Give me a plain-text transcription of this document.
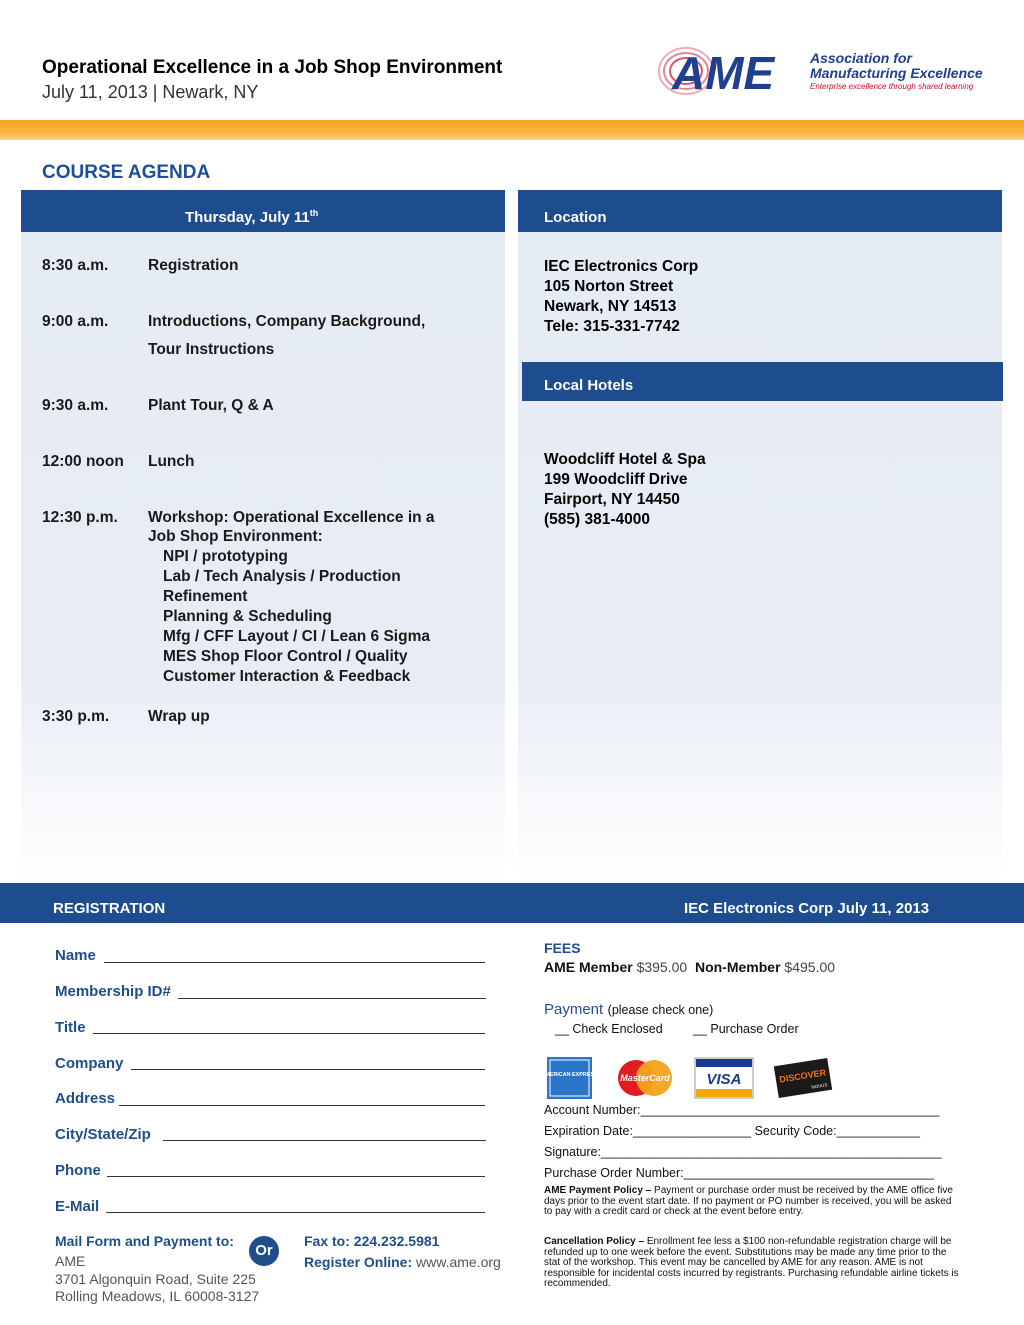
Operational Excellence in a Job Shop Environment
July 11, 2013 | Newark, NY	AME	Association for
Manufacturing Excellence
Enterprise excellence through shared learning
COURSE AGENDA
Thursday, July 11th	Location
Local Hotels
8:30 a.m.	Registration
9:00 a.m.	Introductions, Company Background,
Tour Instructions
9:30 a.m.	Plant Tour, Q & A
12:00 noon Lunch
12:30 p.m. Workshop: Operational Excellence in a
Job Shop Environment:
NPI / prototyping
Lab / Tech Analysis / Production
Refinement
Planning & Scheduling
Mfg / CFF Layout / CI / Lean 6 Sigma
MES Shop Floor Control / Quality
Customer Interaction & Feedback
3:30 p.m.	Wrap up
IEC Electronics Corp
105 Norton Street
Newark, NY 14513
Tele: 315-331-7742
Woodcliff Hotel & Spa
199 Woodcliff Drive
Fairport, NY 14450
(585) 381-4000
REGISTRATION	IEC Electronics Corp July 11, 2013
Name
Membership ID#
Title
Company
Address
City/State/Zip
Phone
E-Mail
Mail Form and Payment to:
AME
3701 Algonquin Road, Suite 225
Rolling Meadows, IL 60008-3127
Or
Fax to: 224.232.5981
Register Online: www.ame.org
FEES
AME Member $395.00 Non-Member $495.00
Payment (please check one)
__ Check Enclosed __ Purchase Order
AMERICAN EXPRESS	MasterCard VISA	DISCOVER
NOVUS
Account Number:___________________________________________
Expiration Date:_________________ Security Code:____________
Signature:_________________________________________________
Purchase Order Number:____________________________________
AME Payment Policy – Payment or purchase order must be received by the AME office five days prior to the event start date. If no payment or PO number is received, you will be asked to pay with a credit card or check at the event before entry.
Cancellation Policy – Enrollment fee less a $100 non-refundable registration charge will be refunded up to one week before the event. Substitutions may be made any time prior to the stat of the workshop. This event may be cancelled by AME for any reason. AME is not responsible for incidental costs incurred by registrants. Purchasing refundable airline tickets is recommended.
